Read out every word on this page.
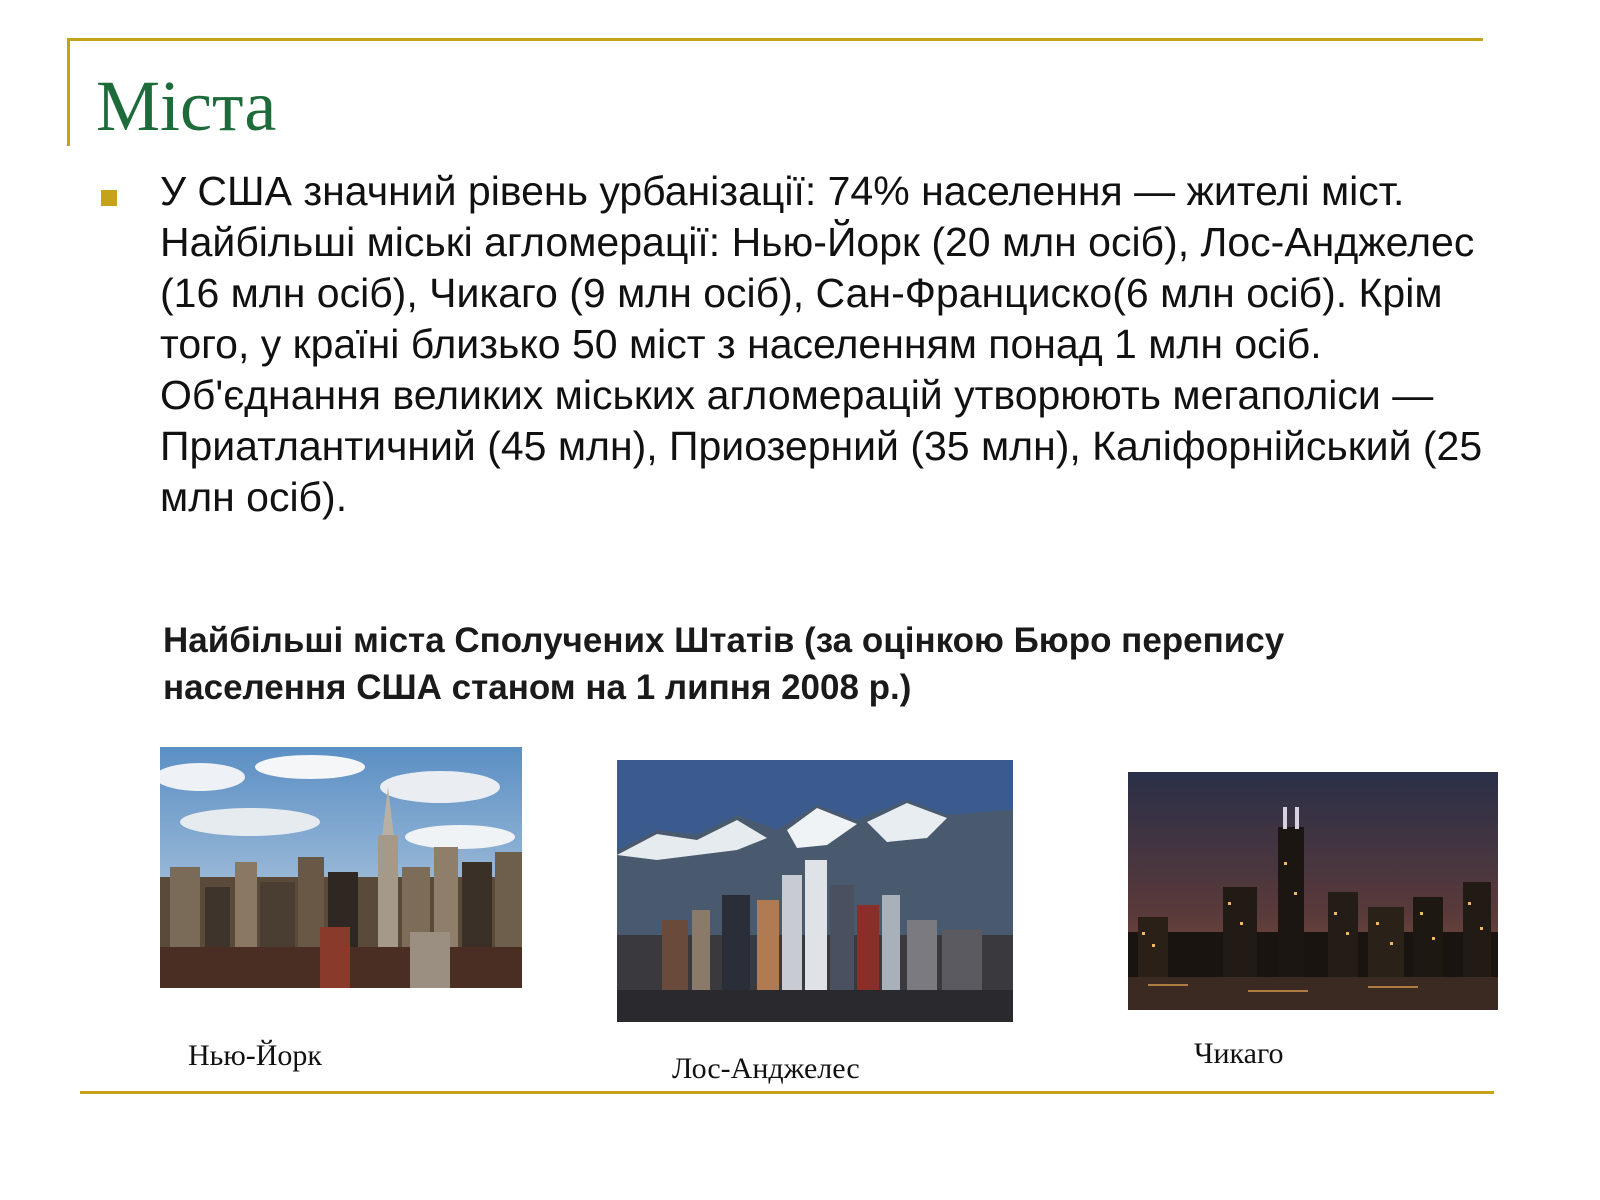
Міста

У США значний рівень урбанізації: 74% населення — жителі міст. Найбільші міські агломерації: Нью-Йорк (20 млн осіб), Лос-Анджелес (16 млн осіб), Чикаго (9 млн осіб), Сан-Франциско(6 млн осіб). Крім того, у країні близько 50 міст з населенням понад 1 млн осіб. Об'єднання великих міських агломерацій утворюють мегаполіси — Приатлантичний (45 млн), Приозерний (35 млн), Каліфорнійський (25 млн осіб).

Найбільші міста Сполучених Штатів (за оцінкою Бюро перепису населення США станом на 1 липня 2008 р.)

Нью-Йорк	Лос-Анджелес	Чикаго
